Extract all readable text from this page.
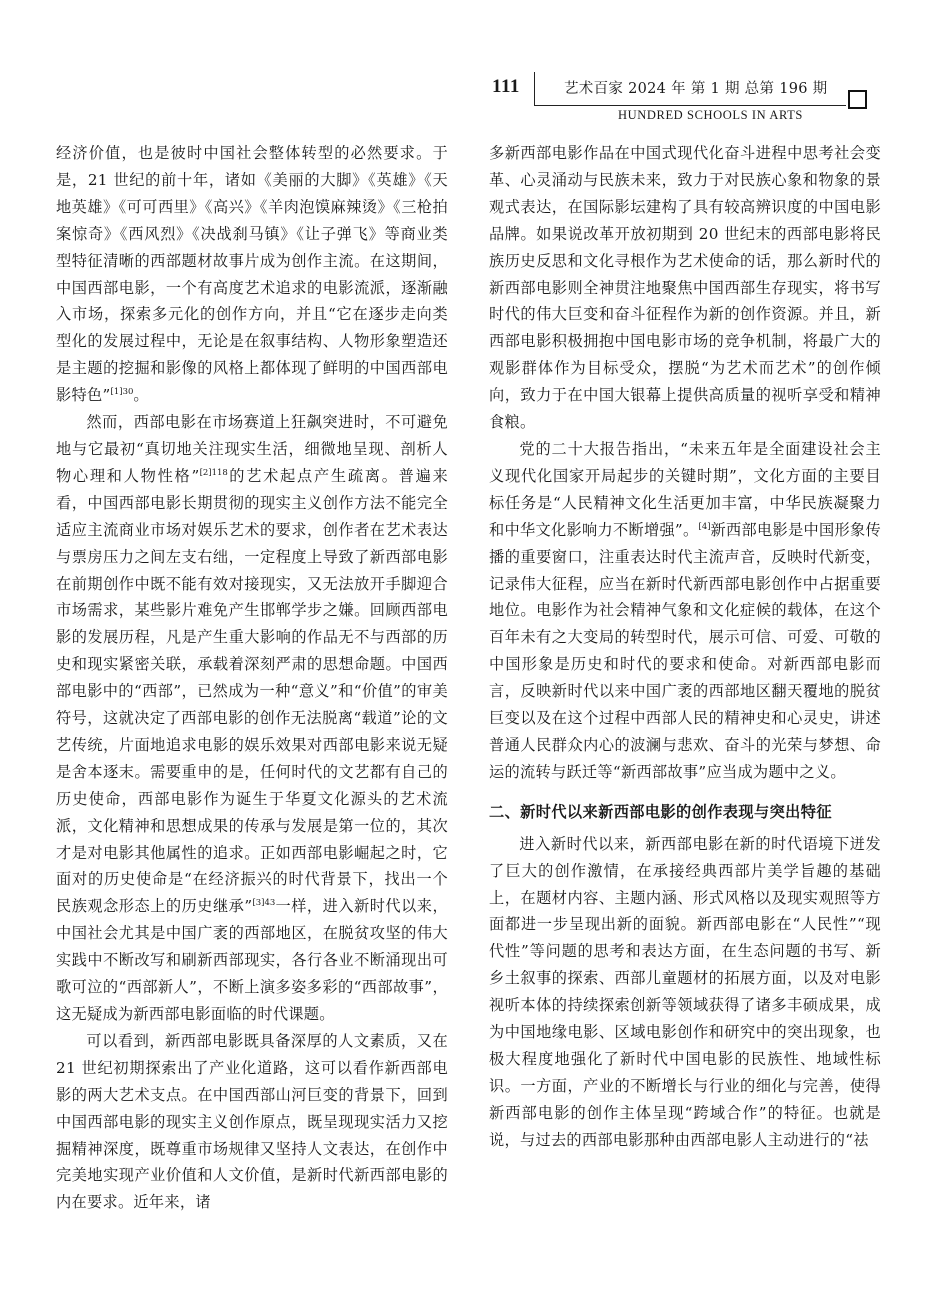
111	艺术百家 2024 年 第 1 期 总第 196 期
HUNDRED SCHOOLS IN ARTS

经济价值，也是彼时中国社会整体转型的必然要求。于是，21 世纪的前十年，诸如《美丽的大脚》《英雄》《天地英雄》《可可西里》《高兴》《羊肉泡馍麻辣烫》《三枪拍案惊奇》《西风烈》《决战刹马镇》《让子弹飞》等商业类型特征清晰的西部题材故事片成为创作主流。在这期间，中国西部电影，一个有高度艺术追求的电影流派，逐渐融入市场，探索多元化的创作方向，并且“它在逐步走向类型化的发展过程中，无论是在叙事结构、人物形象塑造还是主题的挖掘和影像的风格上都体现了鲜明的中国西部电影特色”$^{[1]30}$。

然而，西部电影在市场赛道上狂飙突进时，不可避免地与它最初“真切地关注现实生活，细微地呈现、剖析人物心理和人物性格”$^{[2]118}$的艺术起点产生疏离。普遍来看，中国西部电影长期贯彻的现实主义创作方法不能完全适应主流商业市场对娱乐艺术的要求，创作者在艺术表达与票房压力之间左支右绌，一定程度上导致了新西部电影在前期创作中既不能有效对接现实，又无法放开手脚迎合市场需求，某些影片难免产生邯郸学步之嫌。回顾西部电影的发展历程，凡是产生重大影响的作品无不与西部的历史和现实紧密关联，承载着深刻严肃的思想命题。中国西部电影中的“西部”，已然成为一种“意义”和“价值”的审美符号，这就决定了西部电影的创作无法脱离“载道”论的文艺传统，片面地追求电影的娱乐效果对西部电影来说无疑是舍本逐末。需要重申的是，任何时代的文艺都有自己的历史使命，西部电影作为诞生于华夏文化源头的艺术流派，文化精神和思想成果的传承与发展是第一位的，其次才是对电影其他属性的追求。正如西部电影崛起之时，它面对的历史使命是“在经济振兴的时代背景下，找出一个民族观念形态上的历史继承”$^{[3]43}$一样，进入新时代以来，中国社会尤其是中国广袤的西部地区，在脱贫攻坚的伟大实践中不断改写和刷新西部现实，各行各业不断涌现出可歌可泣的“西部新人”，不断上演多姿多彩的“西部故事”，这无疑成为新西部电影面临的时代课题。

可以看到，新西部电影既具备深厚的人文素质，又在 21 世纪初期探索出了产业化道路，这可以看作新西部电影的两大艺术支点。在中国西部山河巨变的背景下，回到中国西部电影的现实主义创作原点，既呈现现实活力又挖掘精神深度，既尊重市场规律又坚持人文表达，在创作中完美地实现产业价值和人文价值，是新时代新西部电影的内在要求。近年来，诸

多新西部电影作品在中国式现代化奋斗进程中思考社会变革、心灵涌动与民族未来，致力于对民族心象和物象的景观式表达，在国际影坛建构了具有较高辨识度的中国电影品牌。如果说改革开放初期到 20 世纪末的西部电影将民族历史反思和文化寻根作为艺术使命的话，那么新时代的新西部电影则全神贯注地聚焦中国西部生存现实，将书写时代的伟大巨变和奋斗征程作为新的创作资源。并且，新西部电影积极拥抱中国电影市场的竞争机制，将最广大的观影群体作为目标受众，摆脱“为艺术而艺术”的创作倾向，致力于在中国大银幕上提供高质量的视听享受和精神食粮。

党的二十大报告指出，“未来五年是全面建设社会主义现代化国家开局起步的关键时期”，文化方面的主要目标任务是“人民精神文化生活更加丰富，中华民族凝聚力和中华文化影响力不断增强”。[4]新西部电影是中国形象传播的重要窗口，注重表达时代主流声音，反映时代新变，记录伟大征程，应当在新时代新西部电影创作中占据重要地位。电影作为社会精神气象和文化症候的载体，在这个百年未有之大变局的转型时代，展示可信、可爱、可敬的中国形象是历史和时代的要求和使命。对新西部电影而言，反映新时代以来中国广袤的西部地区翻天覆地的脱贫巨变以及在这个过程中西部人民的精神史和心灵史，讲述普通人民群众内心的波澜与悲欢、奋斗的光荣与梦想、命运的流转与跃迁等“新西部故事”应当成为题中之义。

二、新时代以来新西部电影的创作表现与突出特征

进入新时代以来，新西部电影在新的时代语境下迸发了巨大的创作激情，在承接经典西部片美学旨趣的基础上，在题材内容、主题内涵、形式风格以及现实观照等方面都进一步呈现出新的面貌。新西部电影在“人民性”“现代性”等问题的思考和表达方面，在生态问题的书写、新乡土叙事的探索、西部儿童题材的拓展方面，以及对电影视听本体的持续探索创新等领域获得了诸多丰硕成果，成为中国地缘电影、区域电影创作和研究中的突出现象，也极大程度地强化了新时代中国电影的民族性、地域性标识。一方面，产业的不断增长与行业的细化与完善，使得新西部电影的创作主体呈现“跨域合作”的特征。也就是说，与过去的西部电影那种由西部电影人主动进行的“祛
